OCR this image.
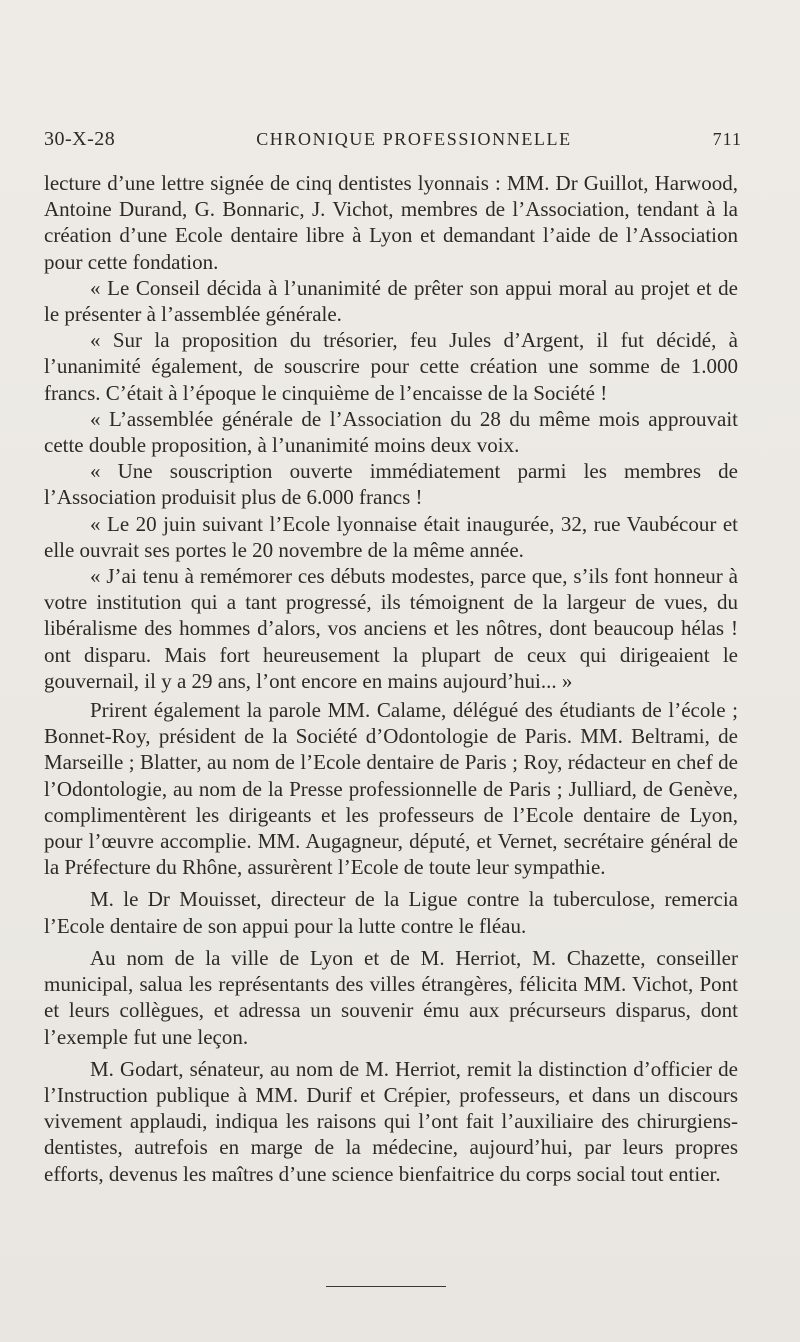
30-X-28	CHRONIQUE PROFESSIONNELLE	711

lecture d’une lettre signée de cinq dentistes lyonnais : MM. Dr Guillot, Harwood, Antoine Durand, G. Bonnaric, J. Vichot, membres de l’Association, tendant à la création d’une Ecole dentaire libre à Lyon et demandant l’aide de l’Association pour cette fondation.

« Le Conseil décida à l’unanimité de prêter son appui moral au projet et de le présenter à l’assemblée générale.

« Sur la proposition du trésorier, feu Jules d’Argent, il fut décidé, à l’unanimité également, de souscrire pour cette création une somme de 1.000 francs. C’était à l’époque le cinquième de l’encaisse de la Société !

« L’assemblée générale de l’Association du 28 du même mois approuvait cette double proposition, à l’unanimité moins deux voix.

« Une souscription ouverte immédiatement parmi les membres de l’Association produisit plus de 6.000 francs !

« Le 20 juin suivant l’Ecole lyonnaise était inaugurée, 32, rue Vaubécour et elle ouvrait ses portes le 20 novembre de la même année.

« J’ai tenu à remémorer ces débuts modestes, parce que, s’ils font honneur à votre institution qui a tant progressé, ils témoignent de la largeur de vues, du libéralisme des hommes d’alors, vos anciens et les nôtres, dont beaucoup hélas ! ont disparu. Mais fort heureusement la plupart de ceux qui dirigeaient le gouvernail, il y a 29 ans, l’ont encore en mains aujourd’hui... »

Prirent également la parole MM. Calame, délégué des étudiants de l’école ; Bonnet-Roy, président de la Société d’Odontologie de Paris. MM. Beltrami, de Marseille ; Blatter, au nom de l’Ecole dentaire de Paris ; Roy, rédacteur en chef de l’Odontologie, au nom de la Presse professionnelle de Paris ; Julliard, de Genève, complimentèrent les dirigeants et les professeurs de l’Ecole dentaire de Lyon, pour l’œuvre accomplie. MM. Augagneur, député, et Vernet, secrétaire général de la Préfecture du Rhône, assurèrent l’Ecole de toute leur sympathie.

M. le Dr Mouisset, directeur de la Ligue contre la tuberculose, remercia l’Ecole dentaire de son appui pour la lutte contre le fléau.

Au nom de la ville de Lyon et de M. Herriot, M. Chazette, conseiller municipal, salua les représentants des villes étrangères, félicita MM. Vichot, Pont et leurs collègues, et adressa un souvenir ému aux précurseurs disparus, dont l’exemple fut une leçon.

M. Godart, sénateur, au nom de M. Herriot, remit la distinction d’officier de l’Instruction publique à MM. Durif et Crépier, professeurs, et dans un discours vivement applaudi, indiqua les raisons qui l’ont fait l’auxiliaire des chirurgiens-dentistes, autrefois en marge de la médecine, aujourd’hui, par leurs propres efforts, devenus les maîtres d’une science bienfaitrice du corps social tout entier.
